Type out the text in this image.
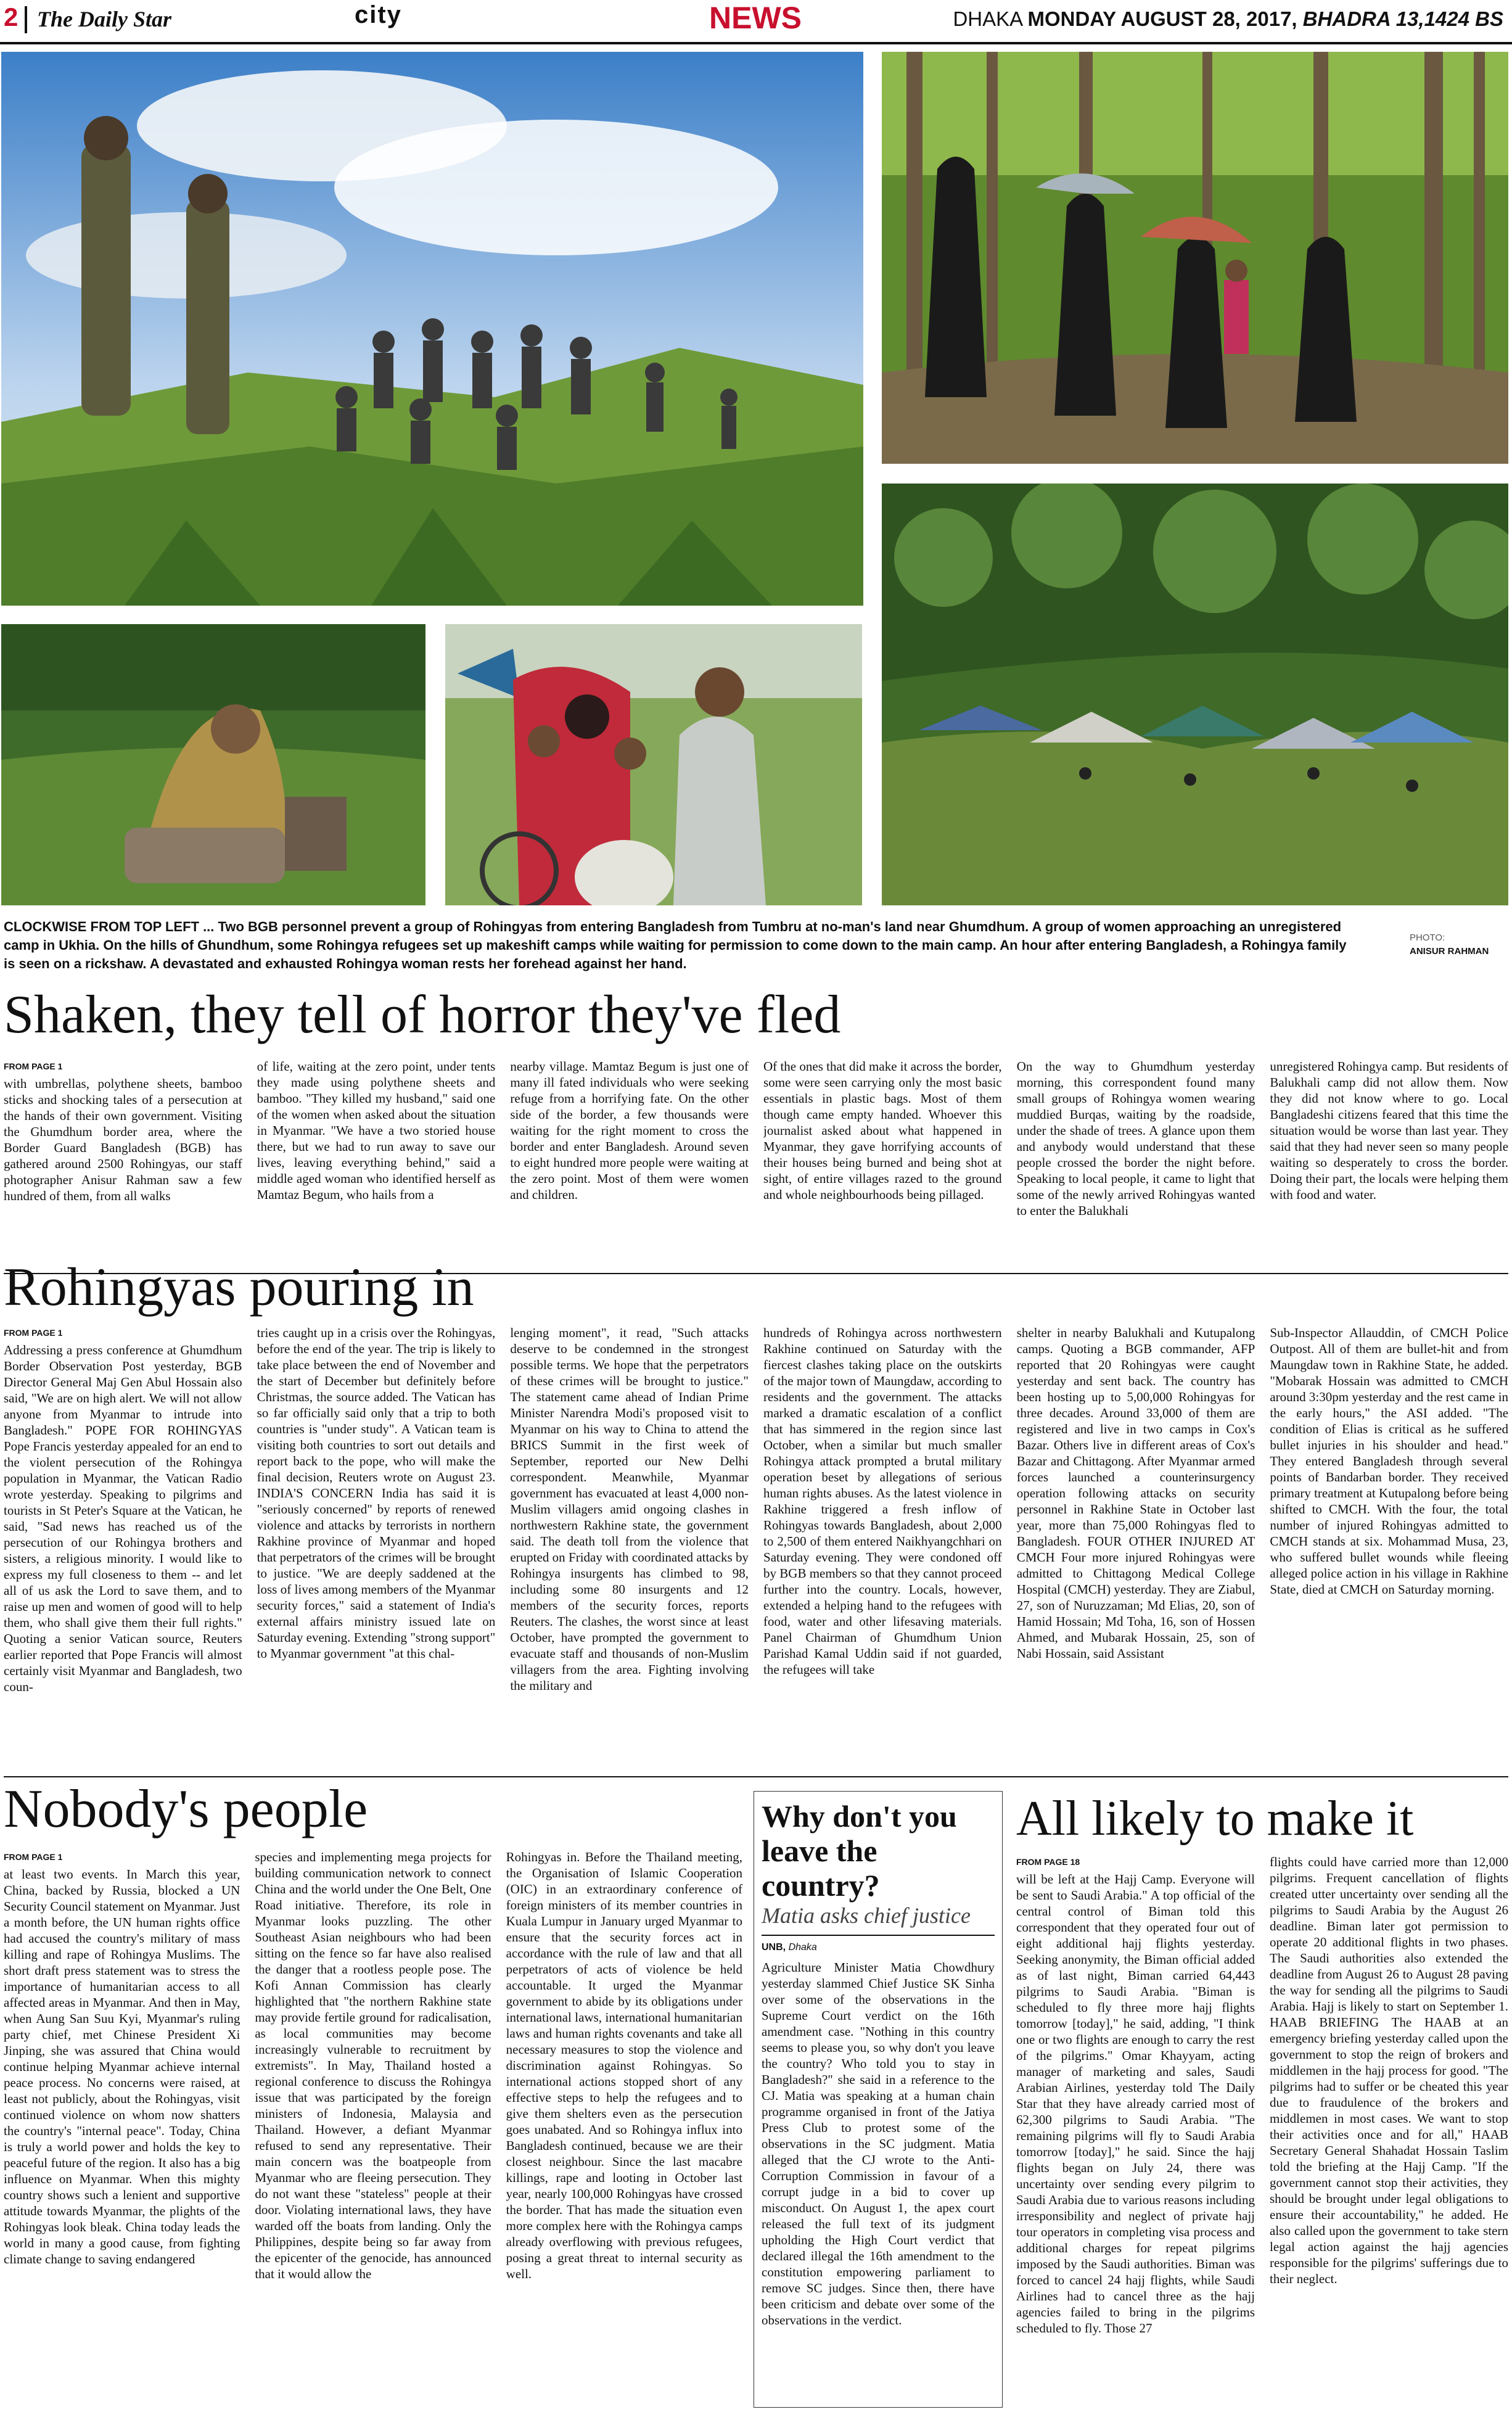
2 The Daily Star	city	NEWS	DHAKA MONDAY AUGUST 28, 2017, BHADRA 13,1424 BS
CLOCKWISE FROM TOP LEFT ... Two BGB personnel prevent a group of Rohingyas from entering Bangladesh from Tumbru at no-man's land near Ghumdhum. A group of women approaching an unregistered camp in Ukhia. On the hills of Ghundhum, some Rohingya refugees set up makeshift camps while waiting for permission to come down to the main camp. An hour after entering Bangladesh, a Rohingya family is seen on a rickshaw. A devastated and exhausted Rohingya woman rests her forehead against her hand.
PHOTO:
ANISUR RAHMAN
Shaken, they tell of horror they've fled
FROM PAGE 1

with umbrellas, polythene sheets, bamboo sticks and shocking tales of a persecution at the hands of their own government. Visiting the Ghumdhum border area, where the Border Guard Bangladesh (BGB) has gathered around 2500 Rohingyas, our staff photographer Anisur Rahman saw a few hundred of them, from all walks

of life, waiting at the zero point, under tents they made using polythene sheets and bamboo. "They killed my husband," said one of the women when asked about the situation in Myanmar. "We have a two storied house there, but we had to run away to save our lives, leaving everything behind," said a middle aged woman who identified herself as Mamtaz Begum, who hails from a

nearby village. Mamtaz Begum is just one of many ill fated individuals who were seeking refuge from a horrifying fate. On the other side of the border, a few thousands were waiting for the right moment to cross the border and enter Bangladesh. Around seven to eight hundred more people were waiting at the zero point. Most of them were women and children.

Of the ones that did make it across the border, some were seen carrying only the most basic essentials in plastic bags. Most of them though came empty handed. Whoever this journalist asked about what happened in Myanmar, they gave horrifying accounts of their houses being burned and being shot at sight, of entire villages razed to the ground and whole neighbourhoods being pillaged.

On the way to Ghumdhum yesterday morning, this correspondent found many small groups of Rohingya women wearing muddied Burqas, waiting by the roadside, under the shade of trees. A glance upon them and anybody would understand that these people crossed the border the night before. Speaking to local people, it came to light that some of the newly arrived Rohingyas wanted to enter the Balukhali

unregistered Rohingya camp. But residents of Balukhali camp did not allow them. Now they did not know where to go. Local Bangladeshi citizens feared that this time the situation would be worse than last year. They said that they had never seen so many people waiting so desperately to cross the border. Doing their part, the locals were helping them with food and water.

Rohingyas pouring in
FROM PAGE 1

Addressing a press conference at Ghumdhum Border Observation Post yesterday, BGB Director General Maj Gen Abul Hossain also said, "We are on high alert. We will not allow anyone from Myanmar to intrude into Bangladesh." POPE FOR ROHINGYAS Pope Francis yesterday appealed for an end to the violent persecution of the Rohingya population in Myanmar, the Vatican Radio wrote yesterday. Speaking to pilgrims and tourists in St Peter's Square at the Vatican, he said, "Sad news has reached us of the persecution of our Rohingya brothers and sisters, a religious minority. I would like to express my full closeness to them -- and let all of us ask the Lord to save them, and to raise up men and women of good will to help them, who shall give them their full rights." Quoting a senior Vatican source, Reuters earlier reported that Pope Francis will almost certainly visit Myanmar and Bangladesh, two coun-

tries caught up in a crisis over the Rohingyas, before the end of the year. The trip is likely to take place between the end of November and the start of December but definitely before Christmas, the source added. The Vatican has so far officially said only that a trip to both countries is "under study". A Vatican team is visiting both countries to sort out details and report back to the pope, who will make the final decision, Reuters wrote on August 23. INDIA'S CONCERN India has said it is "seriously concerned" by reports of renewed violence and attacks by terrorists in northern Rakhine province of Myanmar and hoped that perpetrators of the crimes will be brought to justice. "We are deeply saddened at the loss of lives among members of the Myanmar security forces," said a statement of India's external affairs ministry issued late on Saturday evening. Extending "strong support" to Myanmar government "at this chal-

lenging moment", it read, "Such attacks deserve to be condemned in the strongest possible terms. We hope that the perpetrators of these crimes will be brought to justice." The statement came ahead of Indian Prime Minister Narendra Modi's proposed visit to Myanmar on his way to China to attend the BRICS Summit in the first week of September, reported our New Delhi correspondent. Meanwhile, Myanmar government has evacuated at least 4,000 non-Muslim villagers amid ongoing clashes in northwestern Rakhine state, the government said. The death toll from the violence that erupted on Friday with coordinated attacks by Rohingya insurgents has climbed to 98, including some 80 insurgents and 12 members of the security forces, reports Reuters. The clashes, the worst since at least October, have prompted the government to evacuate staff and thousands of non-Muslim villagers from the area. Fighting involving the military and

hundreds of Rohingya across northwestern Rakhine continued on Saturday with the fiercest clashes taking place on the outskirts of the major town of Maungdaw, according to residents and the government. The attacks marked a dramatic escalation of a conflict that has simmered in the region since last October, when a similar but much smaller Rohingya attack prompted a brutal military operation beset by allegations of serious human rights abuses. As the latest violence in Rakhine triggered a fresh inflow of Rohingyas towards Bangladesh, about 2,000 to 2,500 of them entered Naikhyangchhari on Saturday evening. They were condoned off by BGB members so that they cannot proceed further into the country. Locals, however, extended a helping hand to the refugees with food, water and other lifesaving materials. Panel Chairman of Ghumdhum Union Parishad Kamal Uddin said if not guarded, the refugees will take

shelter in nearby Balukhali and Kutupalong camps. Quoting a BGB commander, AFP reported that 20 Rohingyas were caught yesterday and sent back. The country has been hosting up to 5,00,000 Rohingyas for three decades. Around 33,000 of them are registered and live in two camps in Cox's Bazar. Others live in different areas of Cox's Bazar and Chittagong. After Myanmar armed forces launched a counterinsurgency operation following attacks on security personnel in Rakhine State in October last year, more than 75,000 Rohingyas fled to Bangladesh. FOUR OTHER INJURED AT CMCH Four more injured Rohingyas were admitted to Chittagong Medical College Hospital (CMCH) yesterday. They are Ziabul, 27, son of Nuruzzaman; Md Elias, 20, son of Hamid Hossain; Md Toha, 16, son of Hossen Ahmed, and Mubarak Hossain, 25, son of Nabi Hossain, said Assistant

Sub-Inspector Allauddin, of CMCH Police Outpost. All of them are bullet-hit and from Maungdaw town in Rakhine State, he added. "Mobarak Hossain was admitted to CMCH around 3:30pm yesterday and the rest came in the early hours," the ASI added. "The condition of Elias is critical as he suffered bullet injuries in his shoulder and head." They entered Bangladesh through several points of Bandarban border. They received primary treatment at Kutupalong before being shifted to CMCH. With the four, the total number of injured Rohingyas admitted to CMCH stands at six. Mohammad Musa, 23, who suffered bullet wounds while fleeing alleged police action in his village in Rakhine State, died at CMCH on Saturday morning.

Nobody's people
FROM PAGE 1

at least two events. In March this year, China, backed by Russia, blocked a UN Security Council statement on Myanmar. Just a month before, the UN human rights office had accused the country's military of mass killing and rape of Rohingya Muslims. The short draft press statement was to stress the importance of humanitarian access to all affected areas in Myanmar. And then in May, when Aung San Suu Kyi, Myanmar's ruling party chief, met Chinese President Xi Jinping, she was assured that China would continue helping Myanmar achieve internal peace process. No concerns were raised, at least not publicly, about the Rohingyas, visit continued violence on whom now shatters the country's "internal peace". Today, China is truly a world power and holds the key to peaceful future of the region. It also has a big influence on Myanmar. When this mighty country shows such a lenient and supportive attitude towards Myanmar, the plights of the Rohingyas look bleak. China today leads the world in many a good cause, from fighting climate change to saving endangered

species and implementing mega projects for building communication network to connect China and the world under the One Belt, One Road initiative. Therefore, its role in Myanmar looks puzzling. The other Southeast Asian neighbours who had been sitting on the fence so far have also realised the danger that a rootless people pose. The Kofi Annan Commission has clearly highlighted that "the northern Rakhine state may provide fertile ground for radicalisation, as local communities may become increasingly vulnerable to recruitment by extremists". In May, Thailand hosted a regional conference to discuss the Rohingya issue that was participated by the foreign ministers of Indonesia, Malaysia and Thailand. However, a defiant Myanmar refused to send any representative. Their main concern was the boatpeople from Myanmar who are fleeing persecution. They do not want these "stateless" people at their door. Violating international laws, they have warded off the boats from landing. Only the Philippines, despite being so far away from the epicenter of the genocide, has announced that it would allow the

Rohingyas in. Before the Thailand meeting, the Organisation of Islamic Cooperation (OIC) in an extraordinary conference of foreign ministers of its member countries in Kuala Lumpur in January urged Myanmar to ensure that the security forces act in accordance with the rule of law and that all perpetrators of acts of violence be held accountable. It urged the Myanmar government to abide by its obligations under international laws, international humanitarian laws and human rights covenants and take all necessary measures to stop the violence and discrimination against Rohingyas. So international actions stopped short of any effective steps to help the refugees and to give them shelters even as the persecution goes unabated. And so Rohingya influx into Bangladesh continued, because we are their closest neighbour. Since the last macabre killings, rape and looting in October last year, nearly 100,000 Rohingyas have crossed the border. That has made the situation even more complex here with the Rohingya camps already overflowing with previous refugees, posing a great threat to internal security as well.

Why don't you leave the country?
Matia asks chief justice
UNB, Dhaka

Agriculture Minister Matia Chowdhury yesterday slammed Chief Justice SK Sinha over some of the observations in the Supreme Court verdict on the 16th amendment case. "Nothing in this country seems to please you, so why don't you leave the country? Who told you to stay in Bangladesh?" she said in a reference to the CJ. Matia was speaking at a human chain programme organised in front of the Jatiya Press Club to protest some of the observations in the SC judgment. Matia alleged that the CJ wrote to the Anti-Corruption Commission in favour of a corrupt judge in a bid to cover up misconduct. On August 1, the apex court released the full text of its judgment upholding the High Court verdict that declared illegal the 16th amendment to the constitution empowering parliament to remove SC judges. Since then, there have been criticism and debate over some of the observations in the verdict.

All likely to make it
FROM PAGE 18

will be left at the Hajj Camp. Everyone will be sent to Saudi Arabia." A top official of the central control of Biman told this correspondent that they operated four out of eight additional hajj flights yesterday. Seeking anonymity, the Biman official added as of last night, Biman carried 64,443 pilgrims to Saudi Arabia. "Biman is scheduled to fly three more hajj flights tomorrow [today]," he said, adding, "I think one or two flights are enough to carry the rest of the pilgrims." Omar Khayyam, acting manager of marketing and sales, Saudi Arabian Airlines, yesterday told The Daily Star that they have already carried most of 62,300 pilgrims to Saudi Arabia. "The remaining pilgrims will fly to Saudi Arabia tomorrow [today]," he said. Since the hajj flights began on July 24, there was uncertainty over sending every pilgrim to Saudi Arabia due to various reasons including irresponsibility and neglect of private hajj tour operators in completing visa process and additional charges for repeat pilgrims imposed by the Saudi authorities. Biman was forced to cancel 24 hajj flights, while Saudi Airlines had to cancel three as the hajj agencies failed to bring in the pilgrims scheduled to fly. Those 27

flights could have carried more than 12,000 pilgrims. Frequent cancellation of flights created utter uncertainty over sending all the pilgrims to Saudi Arabia by the August 26 deadline. Biman later got permission to operate 20 additional flights in two phases. The Saudi authorities also extended the deadline from August 26 to August 28 paving the way for sending all the pilgrims to Saudi Arabia. Hajj is likely to start on September 1. HAAB BRIEFING The HAAB at an emergency briefing yesterday called upon the government to stop the reign of brokers and middlemen in the hajj process for good. "The pilgrims had to suffer or be cheated this year due to fraudulence of the brokers and middlemen in most cases. We want to stop their activities once and for all," HAAB Secretary General Shahadat Hossain Taslim told the briefing at the Hajj Camp. "If the government cannot stop their activities, they should be brought under legal obligations to ensure their accountability," he added. He also called upon the government to take stern legal action against the hajj agencies responsible for the pilgrims' sufferings due to their neglect.
